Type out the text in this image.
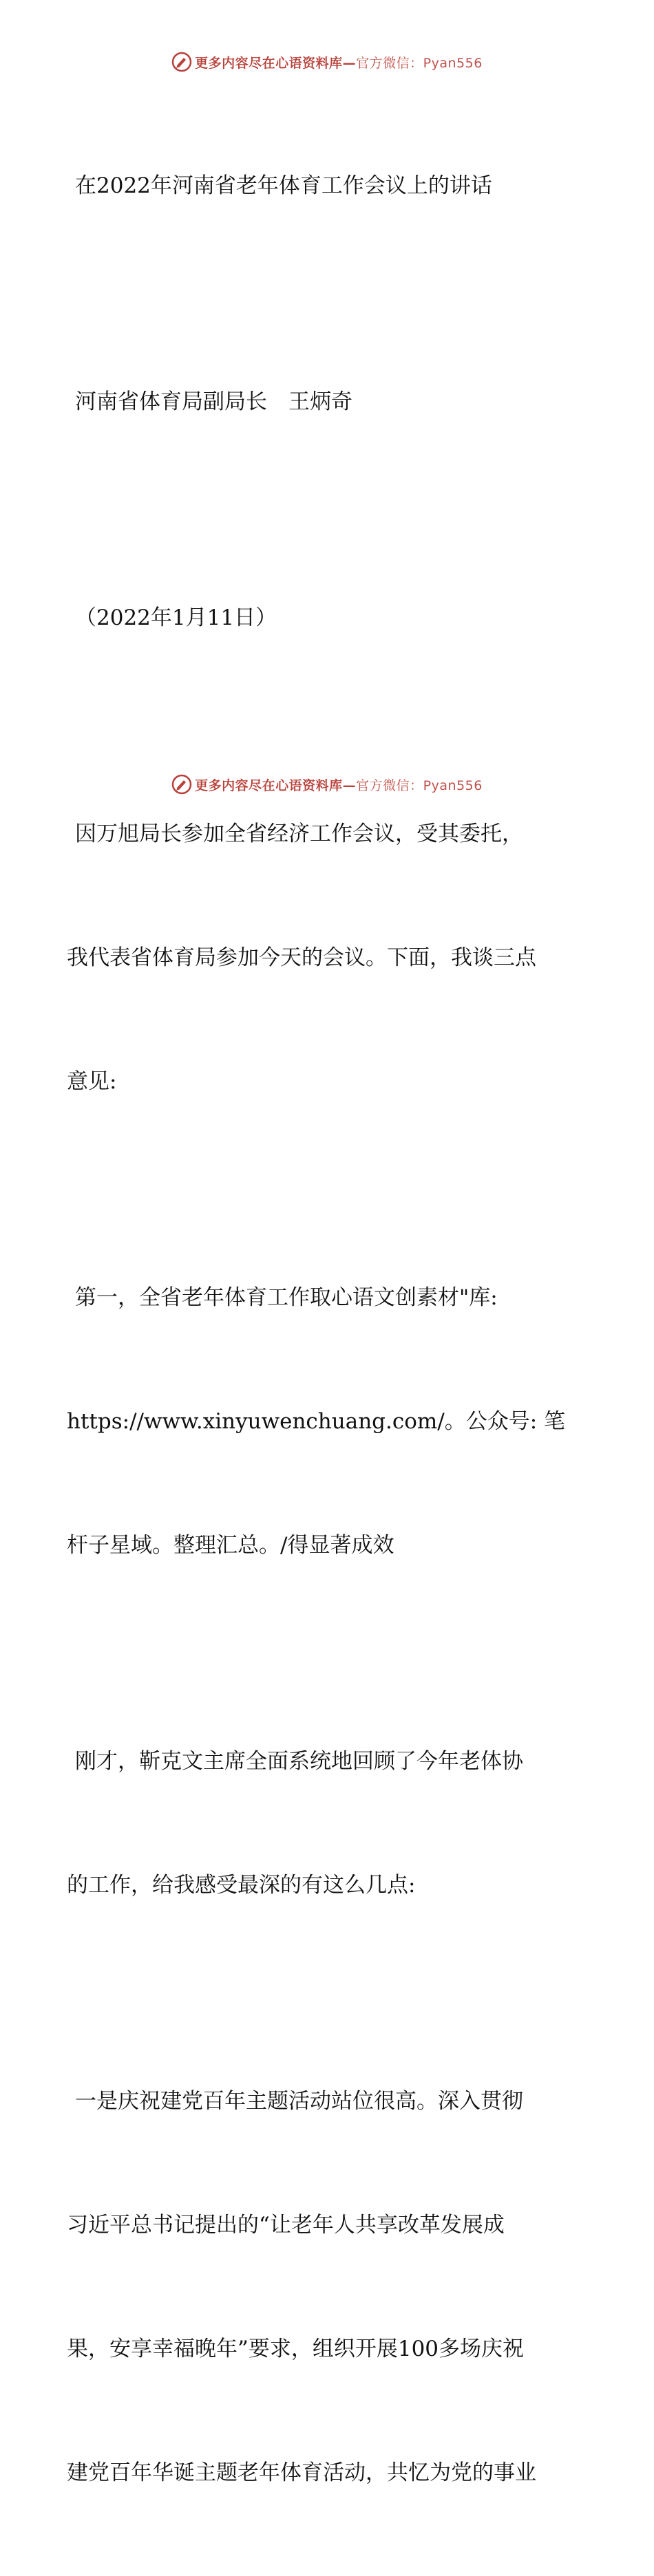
更多内容尽在心语资料库—官方微信：Pyan556

在2022年河南省老年体育工作会议上的讲话

河南省体育局副局长　王炳奇

（2022年1月11日）

因万旭局长参加全省经济工作会议，受其委托，

我代表省体育局参加今天的会议。下面，我谈三点

意见:

第一，全省老年体育工作取心语文创素材"库:

https://www.xinyuwenchuang.com/。公众号: 笔

杆子星域。整理汇总。/得显著成效

刚才，靳克文主席全面系统地回顾了今年老体协

的工作，给我感受最深的有这么几点:

一是庆祝建党百年主题活动站位很高。深入贯彻

习近平总书记提出的“让老年人共享改革发展成

果，安享幸福晚年”要求，组织开展100多场庆祝

建党百年华诞主题老年体育活动，共忆为党的事业

更多内容尽在心语资料库—官方微信：Pyan556
